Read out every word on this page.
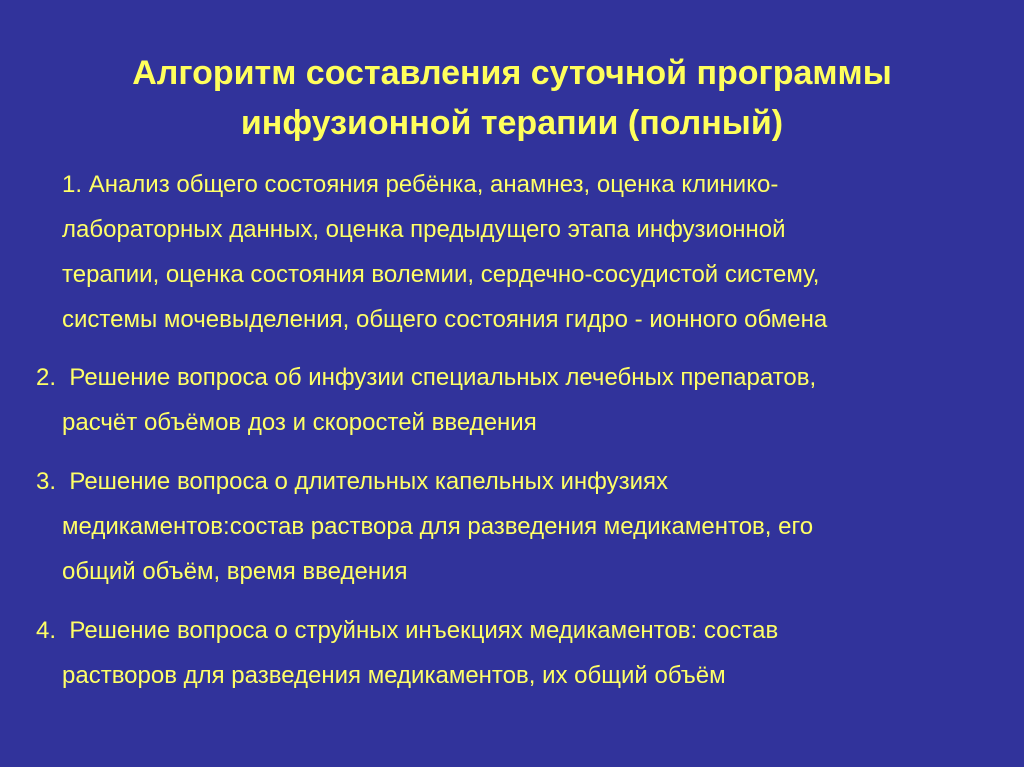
Алгоритм составления суточной программы
инфузионной терапии (полный)
1. Анализ общего состояния ребёнка, анамнез, оценка клинико-
лабораторных данных, оценка предыдущего этапа инфузионной
терапии, оценка состояния волемии, сердечно-сосудистой систему,
системы мочевыделения, общего состояния гидро - ионного обмена
2. Решение вопроса об инфузии специальных лечебных препаратов,
расчёт объёмов доз и скоростей введения
3. Решение вопроса о длительных капельных инфузиях
медикаментов:состав раствора для разведения медикаментов, его
общий объём, время введения
4. Решение вопроса о струйных инъекциях медикаментов: состав
растворов для разведения медикаментов, их общий объём
